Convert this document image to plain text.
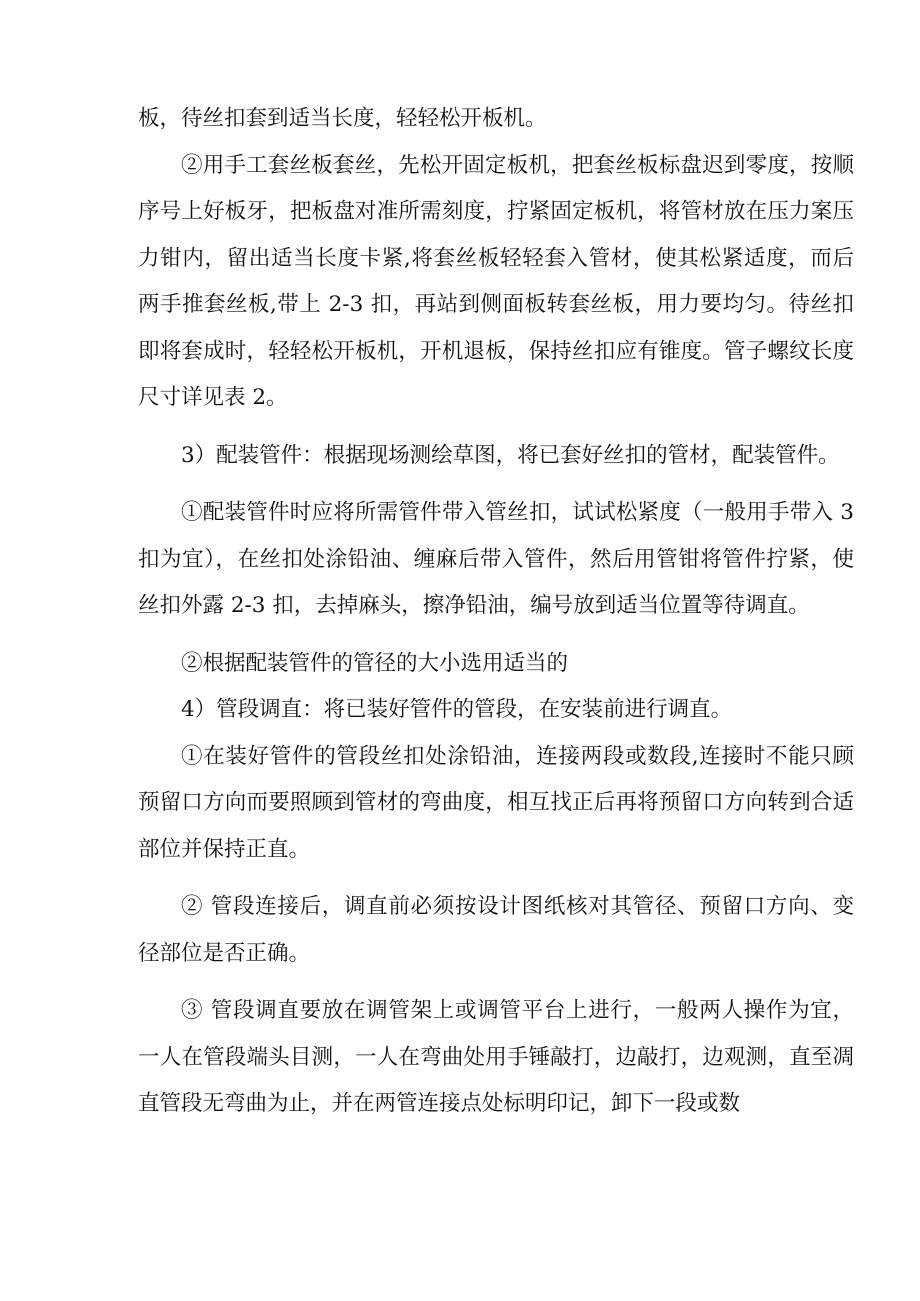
板，待丝扣套到适当长度，轻轻松开板机。

②用手工套丝板套丝，先松开固定板机，把套丝板标盘迟到零度，按顺序号上好板牙，把板盘对准所需刻度，拧紧固定板机，将管材放在压力案压力钳内，留出适当长度卡紧,将套丝板轻轻套入管材，使其松紧适度，而后两手推套丝板,带上 2-3 扣，再站到侧面板转套丝板，用力要均匀。待丝扣即将套成时，轻轻松开板机，开机退板，保持丝扣应有锥度。管子螺纹长度尺寸详见表 2。

3）配装管件：根据现场测绘草图，将已套好丝扣的管材，配装管件。

①配装管件时应将所需管件带入管丝扣，试试松紧度（一般用手带入 3 扣为宜），在丝扣处涂铅油、缠麻后带入管件，然后用管钳将管件拧紧，使丝扣外露 2-3 扣，去掉麻头，擦净铅油，编号放到适当位置等待调直。

②根据配装管件的管径的大小选用适当的

4）管段调直：将已装好管件的管段，在安装前进行调直。

①在装好管件的管段丝扣处涂铅油，连接两段或数段,连接时不能只顾预留口方向而要照顾到管材的弯曲度，相互找正后再将预留口方向转到合适部位并保持正直。

② 管段连接后，调直前必须按设计图纸核对其管径、预留口方向、变径部位是否正确。

③ 管段调直要放在调管架上或调管平台上进行，一般两人操作为宜，一人在管段端头目测，一人在弯曲处用手锤敲打，边敲打，边观测，直至凋直管段无弯曲为止，并在两管连接点处标明印记，卸下一段或数
